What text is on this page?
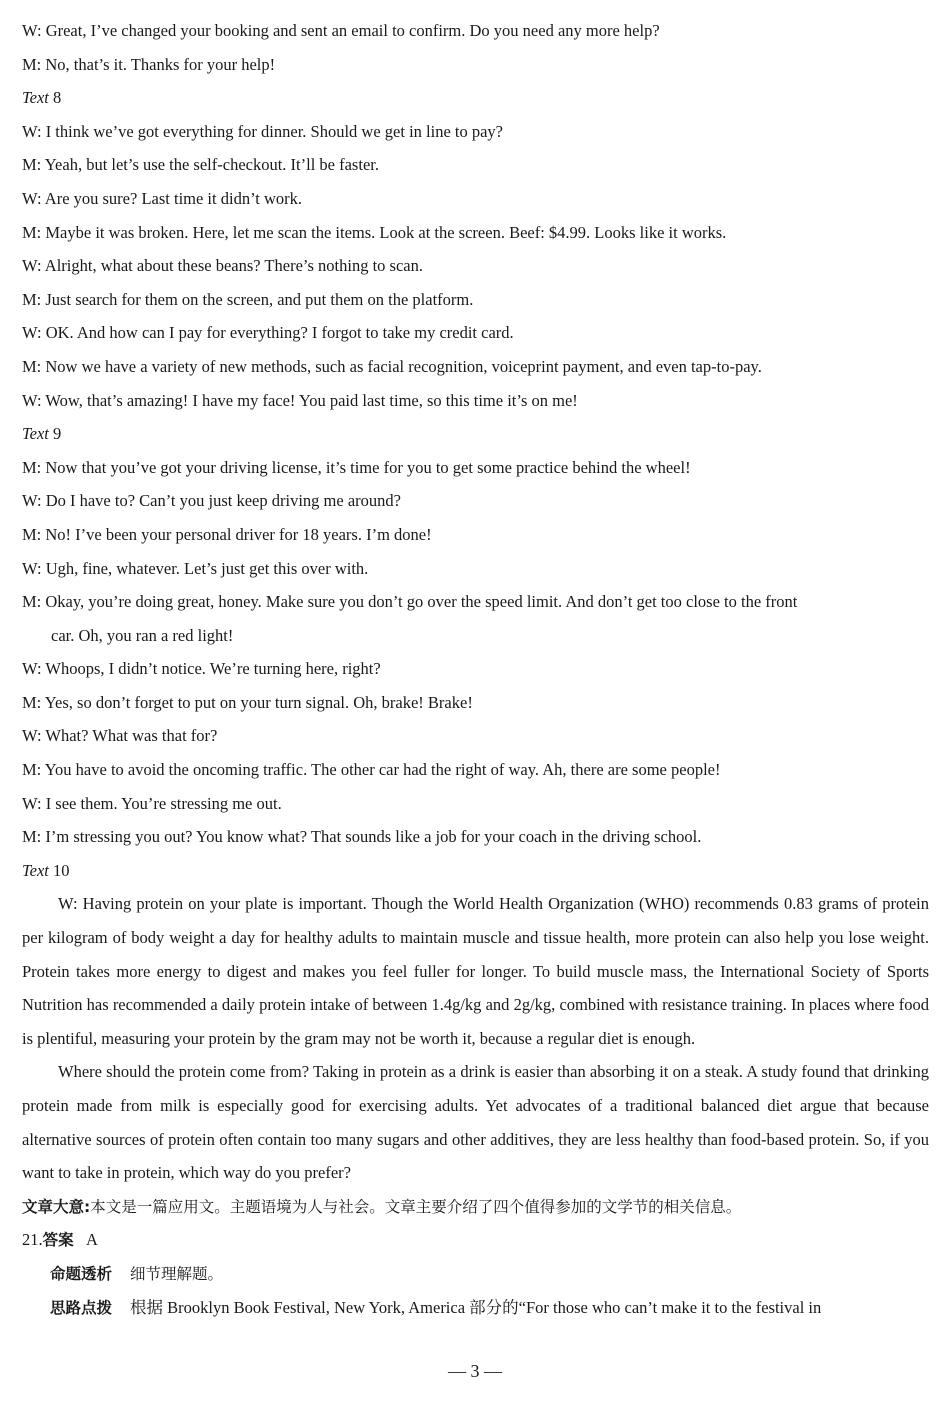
W: Great, I’ve changed your booking and sent an email to confirm. Do you need any more help?
M: No, that’s it. Thanks for your help!
Text 8
W: I think we’ve got everything for dinner. Should we get in line to pay?
M: Yeah, but let’s use the self-checkout. It’ll be faster.
W: Are you sure? Last time it didn’t work.
M: Maybe it was broken. Here, let me scan the items. Look at the screen. Beef: $4.99. Looks like it works.
W: Alright, what about these beans? There’s nothing to scan.
M: Just search for them on the screen, and put them on the platform.
W: OK. And how can I pay for everything? I forgot to take my credit card.
M: Now we have a variety of new methods, such as facial recognition, voiceprint payment, and even tap-to-pay.
W: Wow, that’s amazing! I have my face! You paid last time, so this time it’s on me!
Text 9
M: Now that you’ve got your driving license, it’s time for you to get some practice behind the wheel!
W: Do I have to? Can’t you just keep driving me around?
M: No! I’ve been your personal driver for 18 years. I’m done!
W: Ugh, fine, whatever. Let’s just get this over with.
M: Okay, you’re doing great, honey. Make sure you don’t go over the speed limit. And don’t get too close to the front
car. Oh, you ran a red light!
W: Whoops, I didn’t notice. We’re turning here, right?
M: Yes, so don’t forget to put on your turn signal. Oh, brake! Brake!
W: What? What was that for?
M: You have to avoid the oncoming traffic. The other car had the right of way. Ah, there are some people!
W: I see them. You’re stressing me out.
M: I’m stressing you out? You know what? That sounds like a job for your coach in the driving school.
Text 10

W: Having protein on your plate is important. Though the World Health Organization (WHO) recommends 0.83 grams of protein per kilogram of body weight a day for healthy adults to maintain muscle and tissue health, more protein can also help you lose weight. Protein takes more energy to digest and makes you feel fuller for longer. To build muscle mass, the International Society of Sports Nutrition has recommended a daily protein intake of between 1.4g/kg and 2g/kg, combined with resistance training. In places where food is plentiful, measuring your protein by the gram may not be worth it, because a regular diet is enough.

Where should the protein come from? Taking in protein as a drink is easier than absorbing it on a steak. A study found that drinking protein made from milk is especially good for exercising adults. Yet advocates of a traditional balanced diet argue that because alternative sources of protein often contain too many sugars and other additives, they are less healthy than food-based protein. So, if you want to take in protein, which way do you prefer?

文章大意:本文是一篇应用文。主题语境为人与社会。文章主要介绍了四个值得参加的文学节的相关信息。
21.答案 A
命题透析 细节理解题。
思路点拨 根据 Brooklyn Book Festival, New York, America 部分的“For those who can’t make it to the festival in
— 3 —
